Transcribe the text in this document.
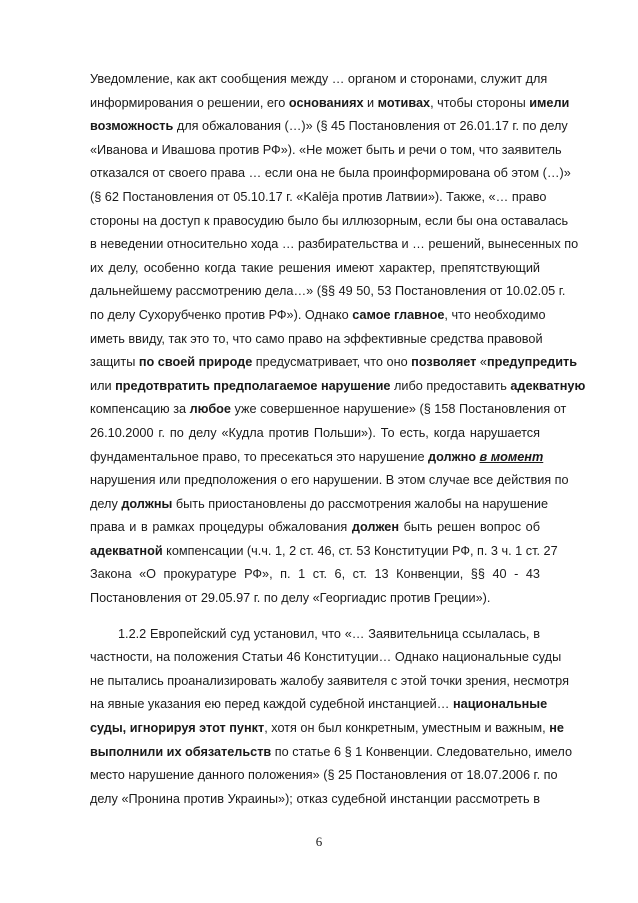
Уведомление, как акт сообщения между … органом и сторонами, служит для
информирования о решении, его основаниях и мотивах, чтобы стороны имели
возможность для обжалования (…)» (§ 45 Постановления от 26.01.17 г. по делу
«Иванова и Ивашова против РФ»). «Не может быть и речи о том, что заявитель
отказался от своего права … если она не была проинформирована об этом (…)»
(§ 62 Постановления от 05.10.17 г. «Kalēja против Латвии»). Также, «… право
стороны на доступ к правосудию было бы иллюзорным, если бы она оставалась
в неведении относительно хода … разбирательства и … решений, вынесенных по
их делу, особенно когда такие решения имеют характер, препятствующий
дальнейшему рассмотрению дела…» (§§ 49 50, 53 Постановления от 10.02.05 г.
по делу Сухорубченко против РФ»). Однако самое главное, что необходимо
иметь ввиду, так это то, что само право на эффективные средства правовой
защиты по своей природе предусматривает, что оно позволяет «предупредить
или предотвратить предполагаемое нарушение либо предоставить адекватную
компенсацию за любое уже совершенное нарушение» (§ 158 Постановления от
26.10.2000 г. по делу «Кудла против Польши»). То есть, когда нарушается
фундаментальное право, то пресекаться это нарушение должно в момент
нарушения или предположения о его нарушении. В этом случае все действия по
делу должны быть приостановлены до рассмотрения жалобы на нарушение
права и в рамках процедуры обжалования должен быть решен вопрос об
адекватной компенсации (ч.ч. 1, 2 ст. 46, ст. 53 Конституции РФ, п. 3 ч. 1 ст. 27
Закона «О прокуратуре РФ», п. 1 ст. 6, ст. 13 Конвенции, §§ 40 - 43
Постановления от 29.05.97 г. по делу «Георгиадис против Греции»).
1.2.2 Европейский суд установил, что «… Заявительница ссылалась, в
частности, на положения Статьи 46 Конституции… Однако национальные суды
не пытались проанализировать жалобу заявителя с этой точки зрения, несмотря
на явные указания ею перед каждой судебной инстанцией… национальные
суды, игнорируя этот пункт, хотя он был конкретным, уместным и важным, не
выполнили их обязательств по статье 6 § 1 Конвенции. Следовательно, имело
место нарушение данного положения» (§ 25 Постановления от 18.07.2006 г. по
делу «Пронина против Украины»); отказ судебной инстанции рассмотреть в
6
